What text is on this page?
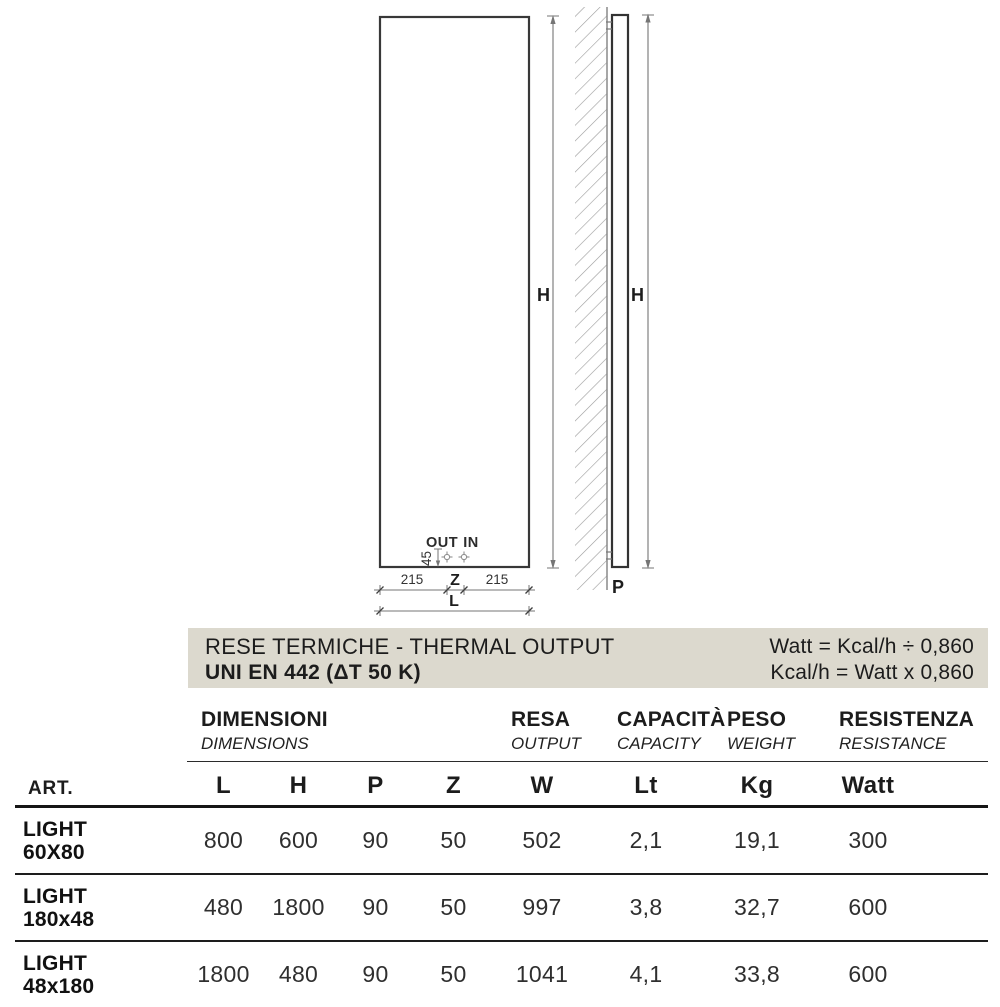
OUT IN
45
215 Z 215
L
H
P
H
RESE TERMICHE - THERMAL OUTPUT
UNI EN 442 (ΔT 50 K)
Watt = Kcal/h ÷ 0,860
Kcal/h = Watt x 0,860
DIMENSIONI
DIMENSIONS
RESA
OUTPUT
CAPACITÀ
CAPACITY
PESO
WEIGHT
RESISTENZA
RESISTANCE
ART.	L	H	P	Z	W	Lt	Kg	Watt
LIGHT
60X80	800	600	90	50	502	2,1	19,1	300
LIGHT
180x48	480	1800	90	50	997	3,8	32,7	600
LIGHT
48x180	1800	480	90	50	1041	4,1	33,8	600
